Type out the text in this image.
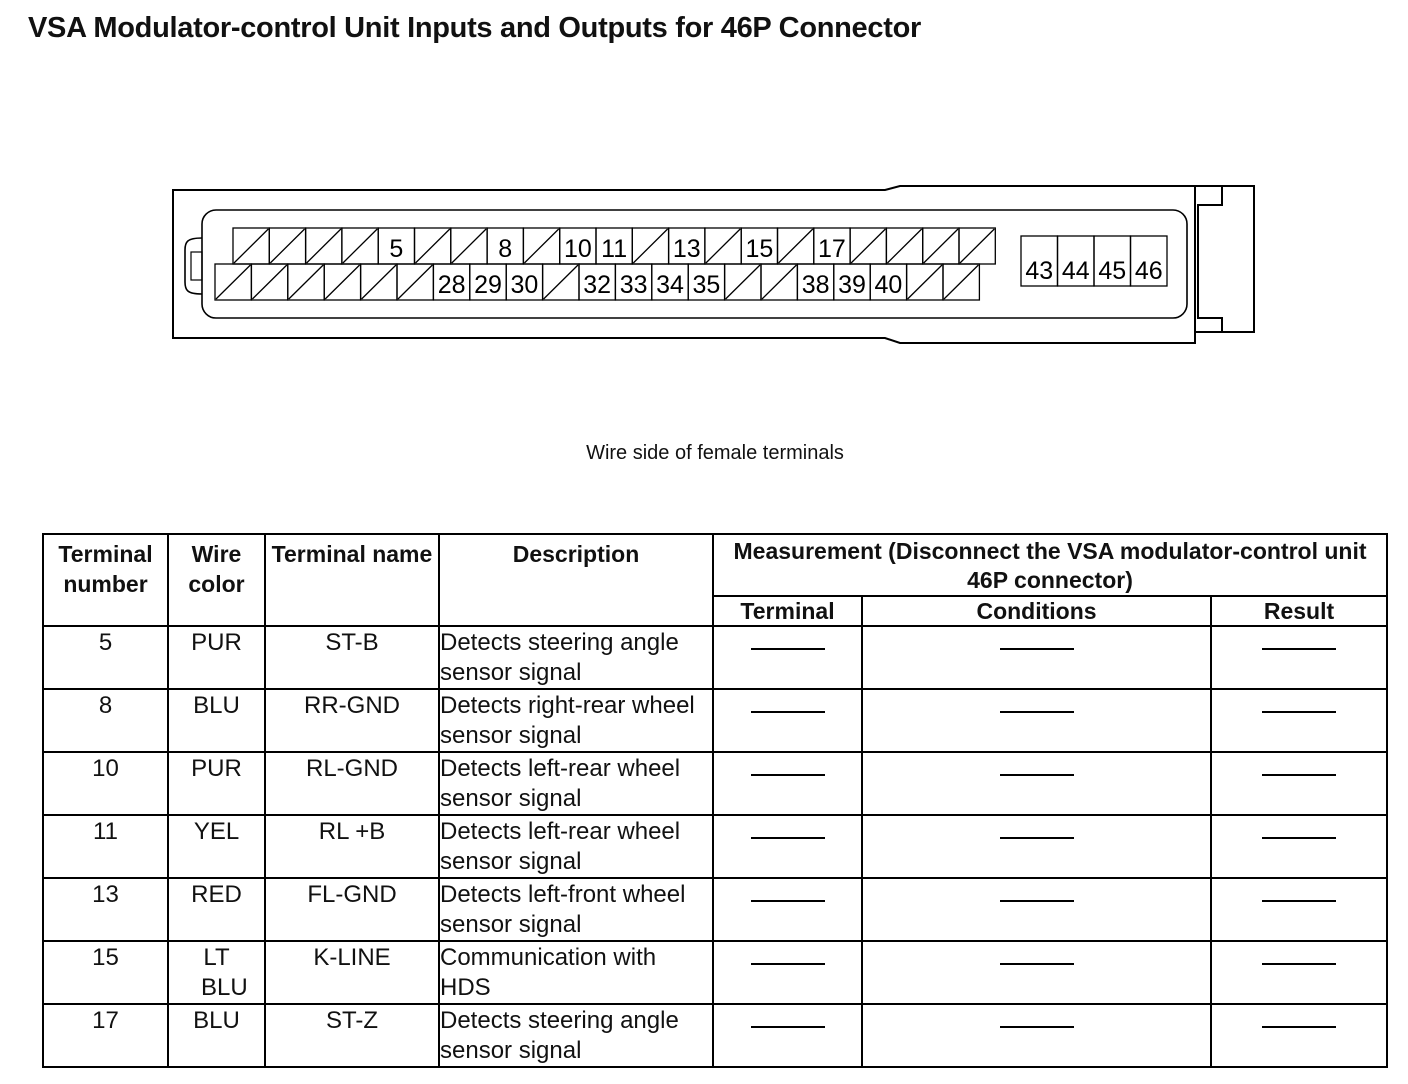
VSA Modulator-control Unit Inputs and Outputs for 46P Connector
5	8 10 11 13 15 17
28 29 30 32 33 34 35	38 39 40	43 44 45 46
Wire side of female terminals
Terminal number	Wire color	Terminal name	Description	Measurement (Disconnect the VSA modulator-control unit 46P connector)		
				Terminal	Conditions	Result
5	PUR	ST-B	Detects steering angle sensor signal			
8	BLU	RR-GND	Detects right-rear wheel sensor signal			
10	PUR	RL-GND	Detects left-rear wheel sensor signal			
11	YEL	RL +B	Detects left-rear wheel sensor signal			
13	RED	FL-GND	Detects left-front wheel sensor signal			
15	LT BLU	K-LINE	Communication with HDS			
17	BLU	ST-Z	Detects steering angle sensor signal			
